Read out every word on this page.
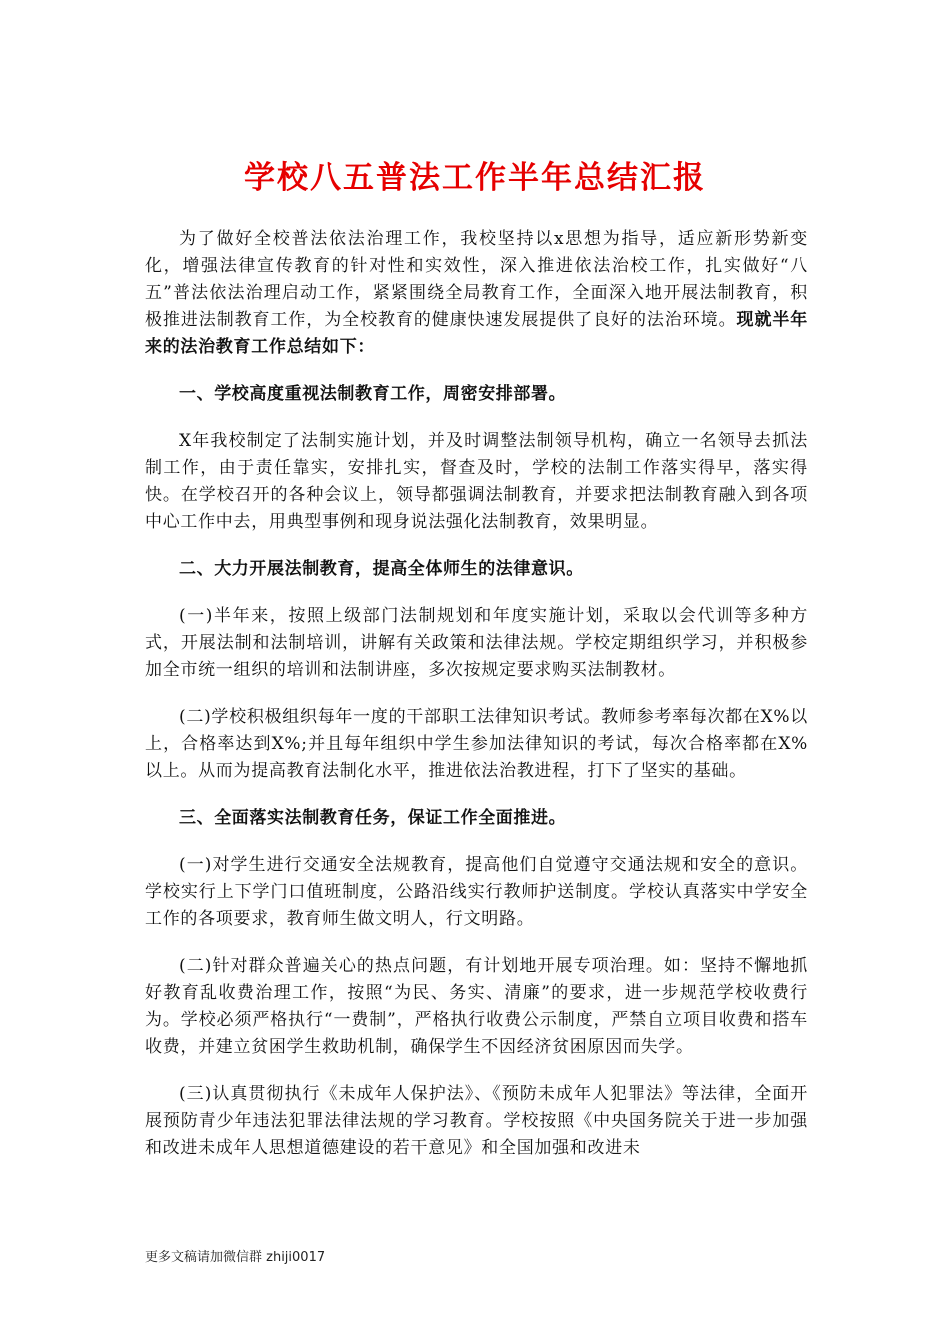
学校八五普法工作半年总结汇报

为了做好全校普法依法治理工作，我校坚持以x思想为指导，适应新形势新变化，增强法律宣传教育的针对性和实效性，深入推进依法治校工作，扎实做好“八五”普法依法治理启动工作，紧紧围绕全局教育工作，全面深入地开展法制教育，积极推进法制教育工作，为全校教育的健康快速发展提供了良好的法治环境。现就半年来的法治教育工作总结如下：

一、学校高度重视法制教育工作，周密安排部署。

X年我校制定了法制实施计划，并及时调整法制领导机构，确立一名领导去抓法制工作，由于责任靠实，安排扎实，督查及时，学校的法制工作落实得早，落实得快。在学校召开的各种会议上，领导都强调法制教育，并要求把法制教育融入到各项中心工作中去，用典型事例和现身说法强化法制教育，效果明显。

二、大力开展法制教育，提高全体师生的法律意识。

(一)半年来，按照上级部门法制规划和年度实施计划，采取以会代训等多种方式，开展法制和法制培训，讲解有关政策和法律法规。学校定期组织学习，并积极参加全市统一组织的培训和法制讲座，多次按规定要求购买法制教材。

(二)学校积极组织每年一度的干部职工法律知识考试。教师参考率每次都在X%以上，合格率达到X%;并且每年组织中学生参加法律知识的考试，每次合格率都在X%以上。从而为提高教育法制化水平，推进依法治教进程，打下了坚实的基础。

三、全面落实法制教育任务，保证工作全面推进。

(一)对学生进行交通安全法规教育，提高他们自觉遵守交通法规和安全的意识。学校实行上下学门口值班制度，公路沿线实行教师护送制度。学校认真落实中学安全工作的各项要求，教育师生做文明人，行文明路。

(二)针对群众普遍关心的热点问题，有计划地开展专项治理。如：坚持不懈地抓好教育乱收费治理工作，按照“为民、务实、清廉”的要求，进一步规范学校收费行为。学校必须严格执行“一费制”，严格执行收费公示制度，严禁自立项目收费和搭车收费，并建立贫困学生救助机制，确保学生不因经济贫困原因而失学。

(三)认真贯彻执行《未成年人保护法》、《预防未成年人犯罪法》等法律，全面开展预防青少年违法犯罪法律法规的学习教育。学校按照《中央国务院关于进一步加强和改进未成年人思想道德建设的若干意见》和全国加强和改进未

更多文稿请加微信群 zhiji0017
